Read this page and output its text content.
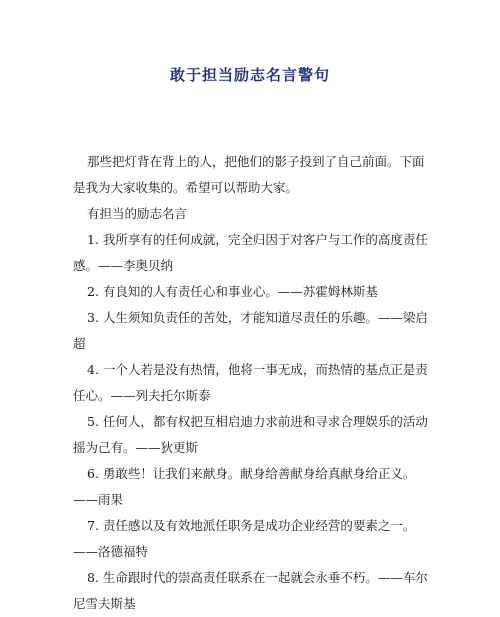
敢于担当励志名言警句

那些把灯背在背上的人，把他们的影子投到了自己前面。下面是我为大家收集的。希望可以帮助大家。

有担当的励志名言

1. 我所享有的任何成就，完全归因于对客户与工作的高度责任感。——李奥贝纳

2. 有良知的人有责任心和事业心。——苏霍姆林斯基

3. 人生须知负责任的苦处，才能知道尽责任的乐趣。——梁启超

4. 一个人若是没有热情，他将一事无成，而热情的基点正是责任心。——列夫托尔斯泰

5. 任何人，都有权把互相启迪力求前进和寻求合理娱乐的活动摇为己有。——狄更斯

6. 勇敢些！让我们来献身。献身给善献身给真献身给正义。——雨果

7. 责任感以及有效地派任职务是成功企业经营的要素之一。——洛德福特

8. 生命跟时代的崇高责任联系在一起就会永垂不朽。——车尔尼雪夫斯基
